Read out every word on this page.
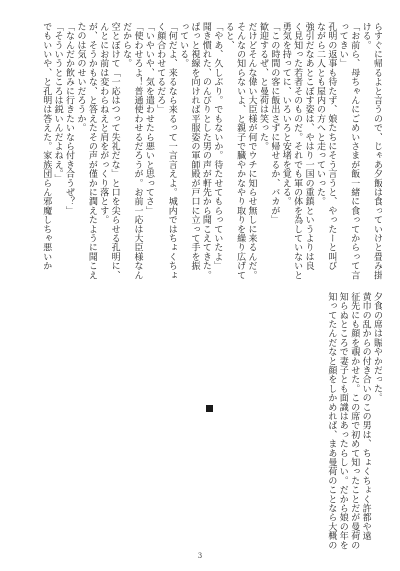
らすぐに帰るよと言うので、じゃあ夕飯は食っていけと畳み掛
ける。
「お前ら、母ちゃんにごめいさまが飯一緒に食ってからって言
ってきい」
孔明の返事も待たず、娘たちにそう言うと、やったーと叫び
ながら二人とも屋内の方へと走っていった。
強引だなあとこぼす姿は、やはり一国の重鎮というよりは良
く見知った若者そのものだ。それでも軍の体を為していないと
勇気を持ってに、いろいろと安堵を覚える。
「この時間の客に飯出さずに帰せるか、バカが」
歓迎するぜ、と曼荷は笑った。
だけどそんな偉い大臣様が何でウチに知らせ無しに来るんだ。
そんなの知らないよ、と親子で臓やかなやり取りを繰り広げて
ると、
「やあ、久しぶり。でもないか。待たせてもらっていたよ」
聞き慣れた、のんびりとした男の声が軒先から聞こえてきた。
ぱっと視線を向ければ平服姿の軍師殿が戸口に立って手を振
っている。
「何だよ、来るなら来るって一言言えよ。城内ではちょくちょ
く顔合わせてるだろ」
「いやいや、気を遣わせたら悪いと思ってさ」
「使わせろよ！普通使わせるだろうが。お前一応は大臣様なん
だからな。
空とぼけて「一応はつって失礼だな」と口を尖らせる孔明に、
んとにお前は変わらねえと肩をがっくり落とす。
が、そうかもな、と答えたその声が僅かに潤えたように聞こえ
たのは気のせいだろうか。
「なんだか飲みに行きたいなら付き合うぜ？」
「そういうところは鋭いんだよねえ。」
でもいいや、と孔明は答えた。家族団らん邪魔しちゃ悪いか
夕食の席は賑やかだった。
黄巾の乱からの付き合いのこの男は、ちょくちょく許都や遠
征先にも顔を覗かせた。この席で初めて知ったことだが曼荷の
知らぬところで妻子とも面識はあったらしい。だから娘の年を
知ってたんだなと顔をしかめれば、まあ曼荷のことなら大概の
3
